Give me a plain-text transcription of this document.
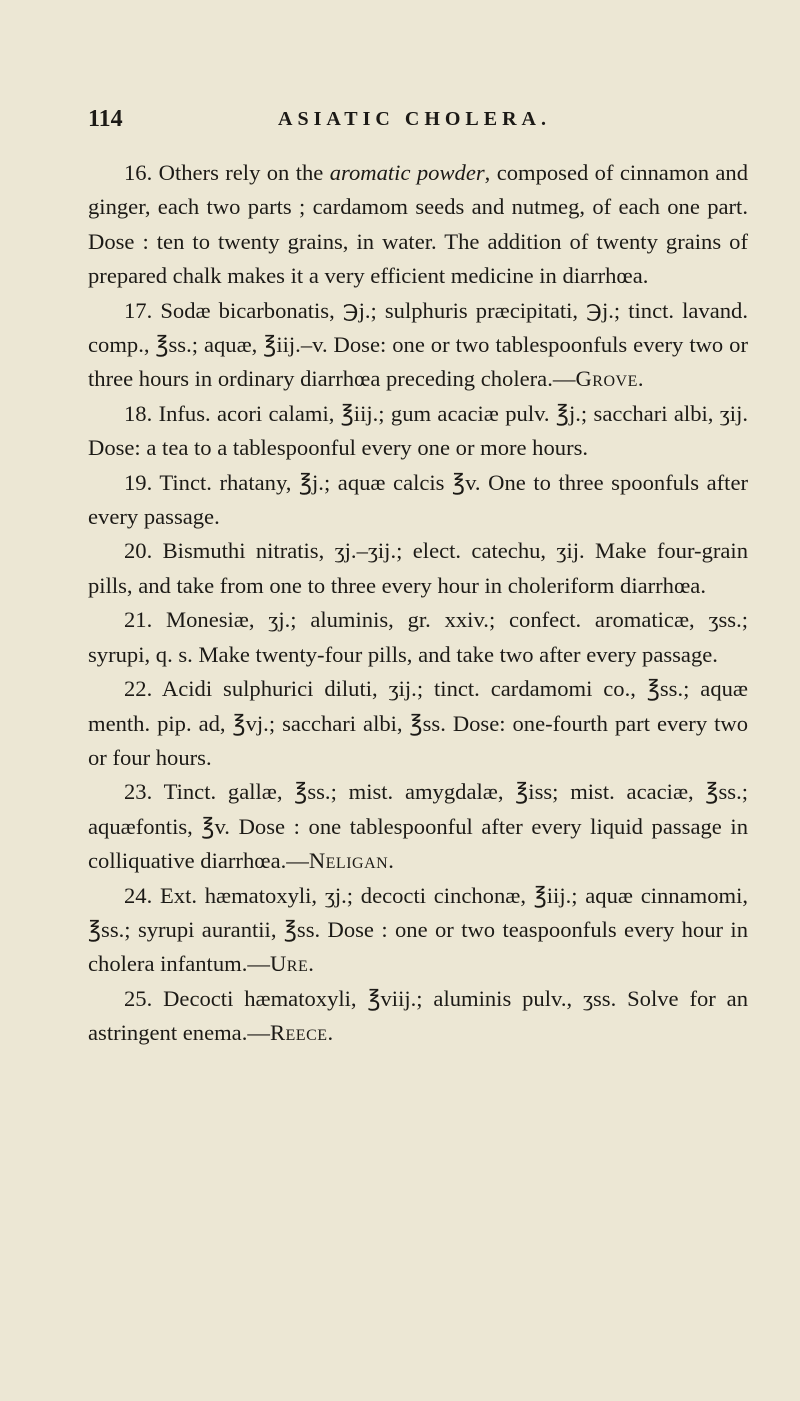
114	ASIATIC CHOLERA.

16. Others rely on the aromatic powder, composed of cinnamon and ginger, each two parts ; cardamom seeds and nutmeg, of each one part. Dose : ten to twenty grains, in water. The addition of twenty grains of prepared chalk makes it a very efficient medicine in diarrhœa.

17. Sodæ bicarbonatis, ℈j.; sulphuris præcipitati, ℈j.; tinct. lavand. comp., ℥ss.; aquæ, ℥iij.–v. Dose: one or two tablespoonfuls every two or three hours in ordinary diarrhœa preceding cholera.—Grove.

18. Infus. acori calami, ℥iij.; gum acaciæ pulv. ℥j.; sacchari albi, ʒij. Dose: a tea to a tablespoonful every one or more hours.

19. Tinct. rhatany, ℥j.; aquæ calcis ℥v. One to three spoonfuls after every passage.

20. Bismuthi nitratis, ʒj.–ʒij.; elect. catechu, ʒij. Make four-grain pills, and take from one to three every hour in choleriform diarrhœa.

21. Monesiæ, ʒj.; aluminis, gr. xxiv.; confect. aromaticæ, ʒss.; syrupi, q. s. Make twenty-four pills, and take two after every passage.

22. Acidi sulphurici diluti, ʒij.; tinct. cardamomi co., ℥ss.; aquæ menth. pip. ad, ℥vj.; sacchari albi, ℥ss. Dose: one-fourth part every two or four hours.

23. Tinct. gallæ, ℥ss.; mist. amygdalæ, ℥iss; mist. acaciæ, ℥ss.; aquæfontis, ℥v. Dose : one tablespoonful after every liquid passage in colliquative diarrhœa.—Neligan.

24. Ext. hæmatoxyli, ʒj.; decocti cinchonæ, ℥iij.; aquæ cinnamomi, ℥ss.; syrupi aurantii, ℥ss. Dose : one or two teaspoonfuls every hour in cholera infantum.—Ure.

25. Decocti hæmatoxyli, ℥viij.; aluminis pulv., ʒss. Solve for an astringent enema.—Reece.
